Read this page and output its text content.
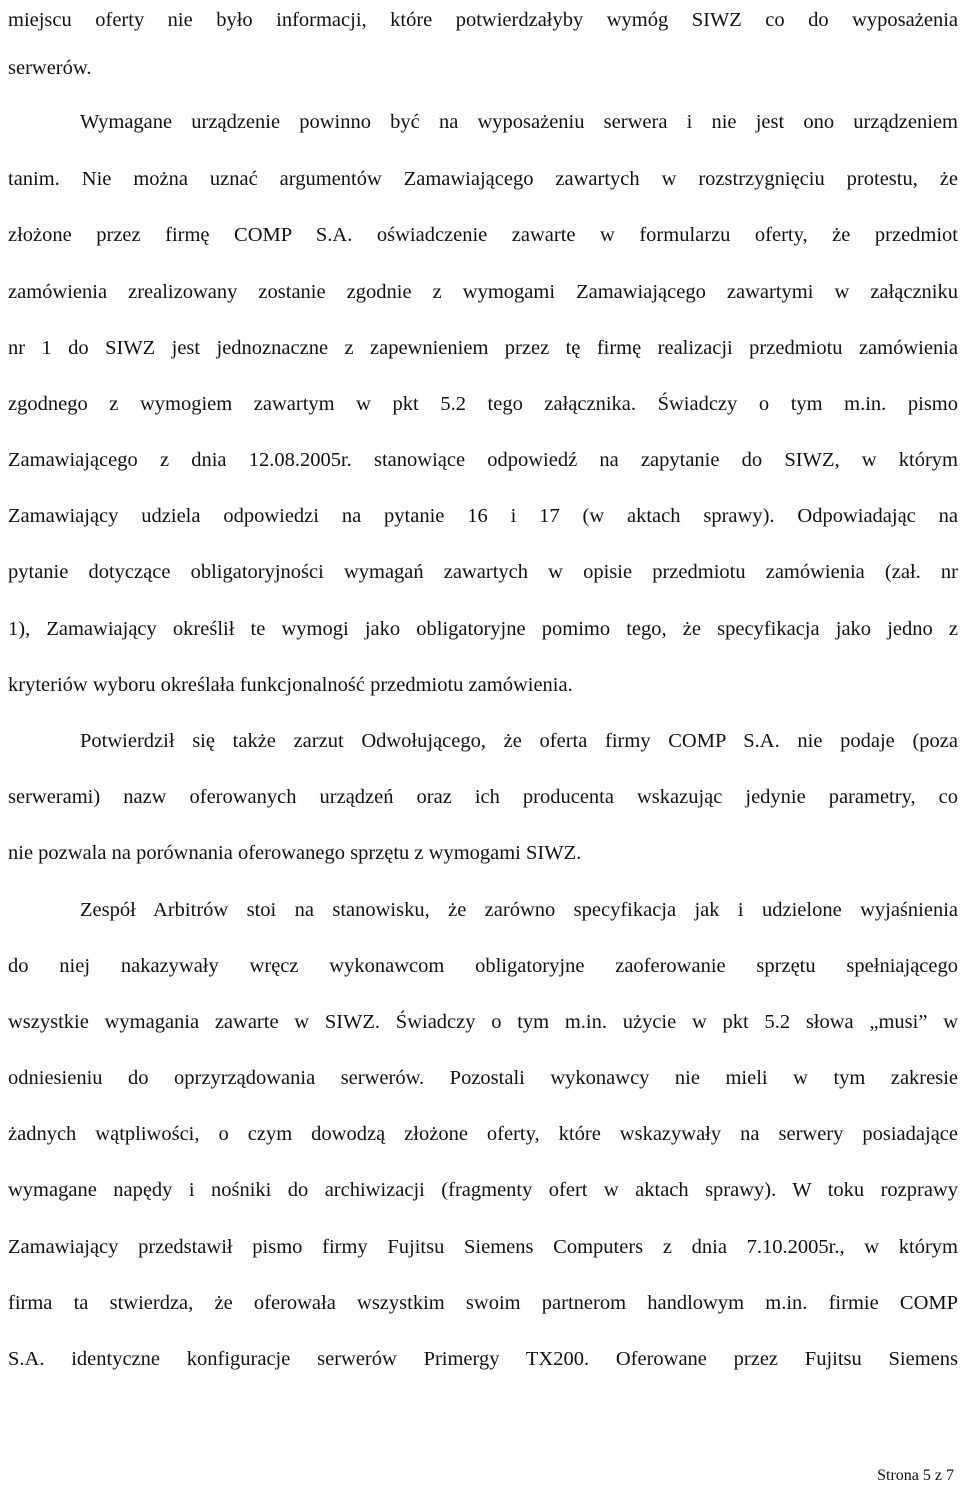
miejscu oferty nie było informacji, które potwierdzałyby wymóg SIWZ co do wyposażenia
serwerów.
Wymagane urządzenie powinno być na wyposażeniu serwera i nie jest ono urządzeniem
tanim. Nie można uznać argumentów Zamawiającego zawartych w rozstrzygnięciu protestu, że
złożone przez firmę COMP S.A. oświadczenie zawarte w formularzu oferty, że przedmiot
zamówienia zrealizowany zostanie zgodnie z wymogami Zamawiającego zawartymi w załączniku
nr 1 do SIWZ jest jednoznaczne z zapewnieniem przez tę firmę realizacji przedmiotu zamówienia
zgodnego z wymogiem zawartym w pkt 5.2 tego załącznika. Świadczy o tym m.in. pismo
Zamawiającego z dnia 12.08.2005r. stanowiące odpowiedź na zapytanie do SIWZ, w którym
Zamawiający udziela odpowiedzi na pytanie 16 i 17 (w aktach sprawy). Odpowiadając na
pytanie dotyczące obligatoryjności wymagań zawartych w opisie przedmiotu zamówienia (zał. nr
1), Zamawiający określił te wymogi jako obligatoryjne pomimo tego, że specyfikacja jako jedno z
kryteriów wyboru określała funkcjonalność przedmiotu zamówienia.
Potwierdził się także zarzut Odwołującego, że oferta firmy COMP S.A. nie podaje (poza
serwerami) nazw oferowanych urządzeń oraz ich producenta wskazując jedynie parametry, co
nie pozwala na porównania oferowanego sprzętu z wymogami SIWZ.
Zespół Arbitrów stoi na stanowisku, że zarówno specyfikacja jak i udzielone wyjaśnienia
do niej nakazywały wręcz wykonawcom obligatoryjne zaoferowanie sprzętu spełniającego
wszystkie wymagania zawarte w SIWZ. Świadczy o tym m.in. użycie w pkt 5.2 słowa „musi” w
odniesieniu do oprzyrządowania serwerów. Pozostali wykonawcy nie mieli w tym zakresie
żadnych wątpliwości, o czym dowodzą złożone oferty, które wskazywały na serwery posiadające
wymagane napędy i nośniki do archiwizacji (fragmenty ofert w aktach sprawy). W toku rozprawy
Zamawiający przedstawił pismo firmy Fujitsu Siemens Computers z dnia 7.10.2005r., w którym
firma ta stwierdza, że oferowała wszystkim swoim partnerom handlowym m.in. firmie COMP
S.A. identyczne konfiguracje serwerów Primergy TX200. Oferowane przez Fujitsu Siemens
Strona 5 z 7
